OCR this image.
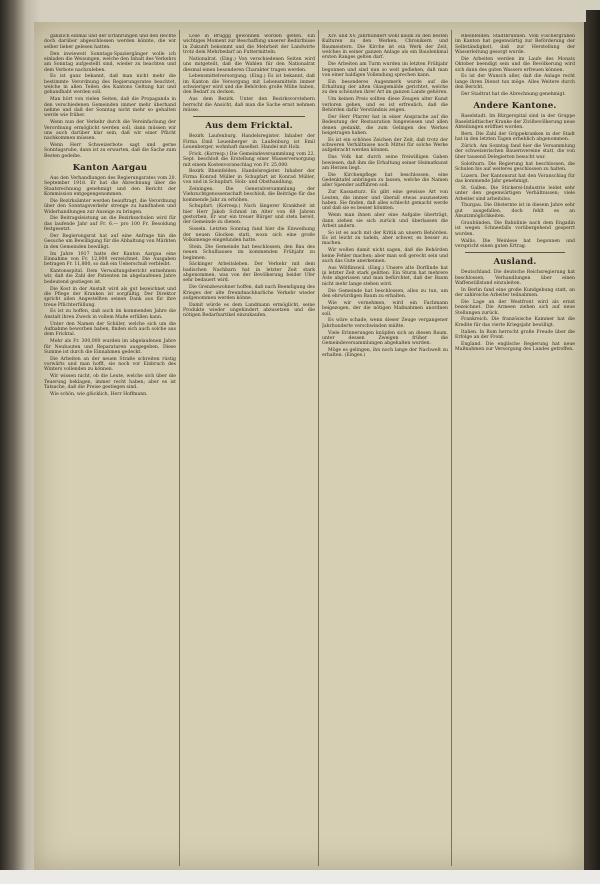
gänzlich einmal und der Erfahrungen und den Rechte doch darüber abgeschlossen werden könnte, die wir selber lieber gelesen hatten.

Den inwieweit Sonntags-Spaziergänger wolle ich einladen die Weisungen, welche den Inhalt des Verkehrs am Sonntag aufgestellt sind, wieder zu beachten und dem Verbote nachzuleben.

Es ist ganz bekannt, daß man nicht mehr die bestimmte Verordnung des Regierungsrates beachtet, welche in allen Teilen des Kantons Geltung hat und gehandhabt werden soll.

Man hört von vielen Seiten, daß die Propaganda in den verschiedenen Gemeinden immer mehr überhand nehme und daß der Sonntag nicht mehr so gehalten werde wie früher.

Wenn nun der Verkehr durch die Vereinfachung der Verordnung ermöglicht werden soll, dann müssen wir uns auch darüber klar sein, daß wir einer Pflicht nachkommen müssen.

Wenn Herr Schweizerbote sagt und gerne Sonntagsruhe, dann ist zu erwarten, daß die Sache zum Besten gedeihe.

Kanton Aargau

Aus den Verhandlungen des Regierungsrates vom 20. September 1918. Er hat die Abrechnung über die Staatsrechnung genehmigt und den Bericht der Kommission entgegengenommen.

Die Bezirksämter werden beauftragt, die Verordnung über den Sonntagsverkehr strenge zu handhaben und Widerhandlungen zur Anzeige zu bringen.

Die Beitragsleistung an die Bezirksschulen wird für das laufende Jahr auf Fr. 6.— pro 100 Fr. Besoldung festgesetzt.

Der Regierungsrat hat auf eine Anfrage hin die Gesuche um Bewilligung für die Abhaltung von Märkten in den Gemeinden bewilligt.

Im Jahre 1917 hatte der Kanton Aargau eine Einnahme von Fr. 12,000 verzeichnet. Die Ausgaben betragen Fr. 11,800, so daß ein Ueberschuß verbleibt.

Kantonsspital. Dem Verwaltungsbericht entnehmen wir, daß die Zahl der Patienten im abgelaufenen Jahre bedeutend gestiegen ist.

Die Kost in der Anstalt wird als gut bezeichnet und die Pflege der Kranken ist sorgfältig. Der Direktor spricht allen Angestellten seinen Dank aus für ihre treue Pflichterfüllung.

Es ist zu hoffen, daß auch im kommenden Jahre die Anstalt ihren Zweck in vollem Maße erfüllen kann.

Unter den Namen der Schüler, welche sich um die Aufnahme beworben haben, finden sich auch solche aus dem Fricktal.

Mehr als Fr. 300,000 wurden im abgelaufenen Jahre für Neubauten und Reparaturen ausgegeben. Diese Summe ist durch die Einnahmen gedeckt.

Die Arbeiten an der neuen Straße schreiten rüstig vorwärts und man hofft, sie noch vor Einbruch des Winters vollenden zu können.

Wir wissen nicht, ob die Leute, welche sich über die Teuerung beklagen, immer recht haben; aber es ist Tatsache, daß die Preise gestiegen sind.

Wie schön, wie glücklich, Herr Hoffmann.

Lose in Bruggg gewonnen worden gelten. Ein wichtiges Moment zur Beschaffung unserer Bedürfnisse in Zukunft bekommt und die Mehrheit der Landwirte trotz dem Mehrbedarf an Futtermitteln.

Nationalrat. (Eing.) Von verschiedenen Seiten wird uns mitgeteilt, daß die Wahlen für den Nationalrat diesmal einen besonderen Charakter tragen werden.

Lebensmittelversorgung. (Eing.) Es ist bekannt, daß im Kanton die Versorgung mit Lebensmitteln immer schwieriger wird und die Behörden große Mühe haben, den Bedarf zu decken.

Aus dem Bezirk. Unter den Bezirksvorstehern herrscht die Ansicht, daß man die Sache ernst nehmen müsse.

Aus dem Fricktal.

Bezirk Laufenburg. Handelsregister. Inhaber der Firma Emil Leuenberger in Laufenburg ist Emil Leuenberger, wohnhaft daselbst. Handel mit Holz.

Frick. (Korresp.) Die Gemeindeversammlung vom 22. Sept. beschloß die Erstellung einer Wasserversorgung mit einem Kostenvoranschlag von Fr. 25,000.

Bezirk Rheinfelden. Handelsregister. Inhaber der Firma Konrad Müller in Schupfart ist Konrad Müller, von und in Schupfart. Holz- und Obsthandlung.

Zeiningen. Die Generalversammlung der Viehzuchtgenossenschaft beschloß, die Beiträge für das kommende Jahr zu erhöhen.

Schupfart. (Korresp.) Nach längerer Krankheit ist hier Herr Jakob Schmid im Alter von 68 Jahren gestorben. Er war ein treuer Bürger und stets bereit, der Gemeinde zu dienen.

Sisseln. Letzten Sonntag fand hier die Einweihung der neuen Glocken statt, wozu sich eine große Volksmenge eingefunden hatte.

Stein. Die Gemeinde hat beschlossen, den Bau des neuen Schulhauses im kommenden Frühjahr zu beginnen.

Säckinger Arbeitsleben. Der Verkehr mit dem badischen Nachbarn hat in letzter Zeit stark abgenommen, was von der Bevölkerung beider Ufer sehr bedauert wird.

Die Grenzbewohner hoffen, daß nach Beendigung des Krieges der alte freundnachbarliche Verkehr wieder aufgenommen werden könne.

Damit würde es dem Landmann ermöglicht, seine Produkte wieder ungehindert abzusetzen und die nötigen Bedarfsartikel einzukaufen.

XIV. und XV. Jahrhundert wohl kaum zu den besten Kulturen zu den Werken, Chronikern und Baumeistern. Die Kirche ist ein Werk der Zeit, welches in seiner ganzen Anlage als ein Baudenkmal ersten Ranges gelten darf.

Die Arbeiten am Turm wurden im letzten Frühjahr begonnen und sind nun so weit gediehen, daß man von einer baldigen Vollendung sprechen kann.

Ein besonderes Augenmerk wurde auf die Erhaltung der alten Glasgemälde gerichtet, welche zu den schönsten ihrer Art im ganzen Lande gehören.

Um keinen Preis sollten diese Zeugen alter Kunst verloren gehen, und es ist erfreulich, daß die Behörden dafür Verständnis zeigen.

Der Herr Pfarrer hat in einer Ansprache auf die Bedeutung der Restauration hingewiesen und allen denen gedankt, die zum Gelingen des Werkes beigetragen haben.

Es ist ein schönes Zeichen der Zeit, daß trotz der schweren Verhältnisse noch Mittel für solche Werke aufgebracht werden können.

Das Volk hat durch seine freiwilligen Gaben bewiesen, daß ihm die Erhaltung seiner Heimatkunst am Herzen liegt.

Die Kirchenpflege hat beschlossen, eine Gedenktafel anbringen zu lassen, welche die Namen aller Spender aufführen soll.

Zur Kassasturz. Es gibt eine gewisse Art von Leuten, die immer und überall etwas auszusetzen haben. Sie finden, daß alles schlecht gemacht werde und daß sie es besser könnten.

Wenn man ihnen aber eine Aufgabe überträgt, dann ziehen sie sich zurück und überlassen die Arbeit andern.

So ist es auch mit der Kritik an unsern Behörden. Es ist leicht zu tadeln, aber schwer, es besser zu machen.

Wir wollen damit nicht sagen, daß die Behörden keine Fehler machen; aber man soll gerecht sein und auch das Gute anerkennen.

Aus Wölflinswil. (Eing.) Unsere alte Dorflinde hat in letzter Zeit stark gelitten. Ein Sturm hat mehrere Äste abgerissen und man befürchtet, daß der Baum nicht mehr lange stehen wird.

Die Gemeinde hat beschlossen, alles zu tun, um den ehrwürdigen Baum zu erhalten.

Wie wir vernehmen, wird ein Fachmann beigezogen, der die nötigen Maßnahmen anordnen soll.

Es wäre schade, wenn dieser Zeuge vergangener Jahrhunderte verschwinden müßte.

Viele Erinnerungen knüpfen sich an diesen Baum, unter dessen Zweigen früher die Gemeindeversammlungen abgehalten wurden.

Möge es gelingen, ihn noch lange der Nachwelt zu erhalten. (Einges.)

Rheinfelden. Stadtbrunnen. Vom Fischergraben im Kanton hat gegenwärtig zur Beförderung der Selbständigkeit, daß zur Herstellung der Wasserleitung gesorgt wurde.

Die Arbeiten werden im Laufe des Monats Oktober beendigt sein und die Bevölkerung wird sich dann des guten Wassers erfreuen können.

Es ist der Wunsch aller, daß die Anlage recht lange ihren Dienst tun möge. Alles Weitere durch den Bericht.

Der Stadtrat hat die Abrechnung genehmigt.

Andere Kantone.

Baselstadt. Im Bürgerspital sind in der Gruppe Baselstädtischer Kranke der Zivilbevölkerung neue Abteilungen eröffnet worden.

Bern. Die Zahl der Grippekranken in der Stadt hat in den letzten Tagen erheblich abgenommen.

Zürich. Am Sonntag fand hier die Versammlung der schweizerischen Bauernvereine statt, die von über tausend Delegierten besucht war.

Solothurn. Die Regierung hat beschlossen, die Schulen bis auf weiteres geschlossen zu halten.

Luzern. Der Kantonsrat hat den Voranschlag für das kommende Jahr genehmigt.

St. Gallen. Die Stickerei-Industrie leidet sehr unter den gegenwärtigen Verhältnissen; viele Arbeiter sind arbeitslos.

Thurgau. Die Obsternte ist in diesem Jahre sehr gut ausgefallen, doch fehlt es an Absatzmöglichkeiten.

Graubünden. Die Bahnlinie nach dem Engadin ist wegen Schneefalls vorübergehend gesperrt worden.

Wallis. Die Weinlese hat begonnen und verspricht einen guten Ertrag.

Ausland.

Deutschland. Die deutsche Reichsregierung hat beschlossen, Verhandlungen über einen Waffenstillstand einzuleiten.

In Berlin fand eine große Kundgebung statt, an der zahlreiche Arbeiter teilnahmen.

Die Lage an der Westfront wird als ernst bezeichnet. Die Armeen ziehen sich auf neue Stellungen zurück.

Frankreich. Die französische Kammer hat die Kredite für das vierte Kriegsjahr bewilligt.

Italien. In Rom herrscht große Freude über die Erfolge an der Front.

England. Die englische Regierung hat neue Maßnahmen zur Versorgung des Landes getroffen.
